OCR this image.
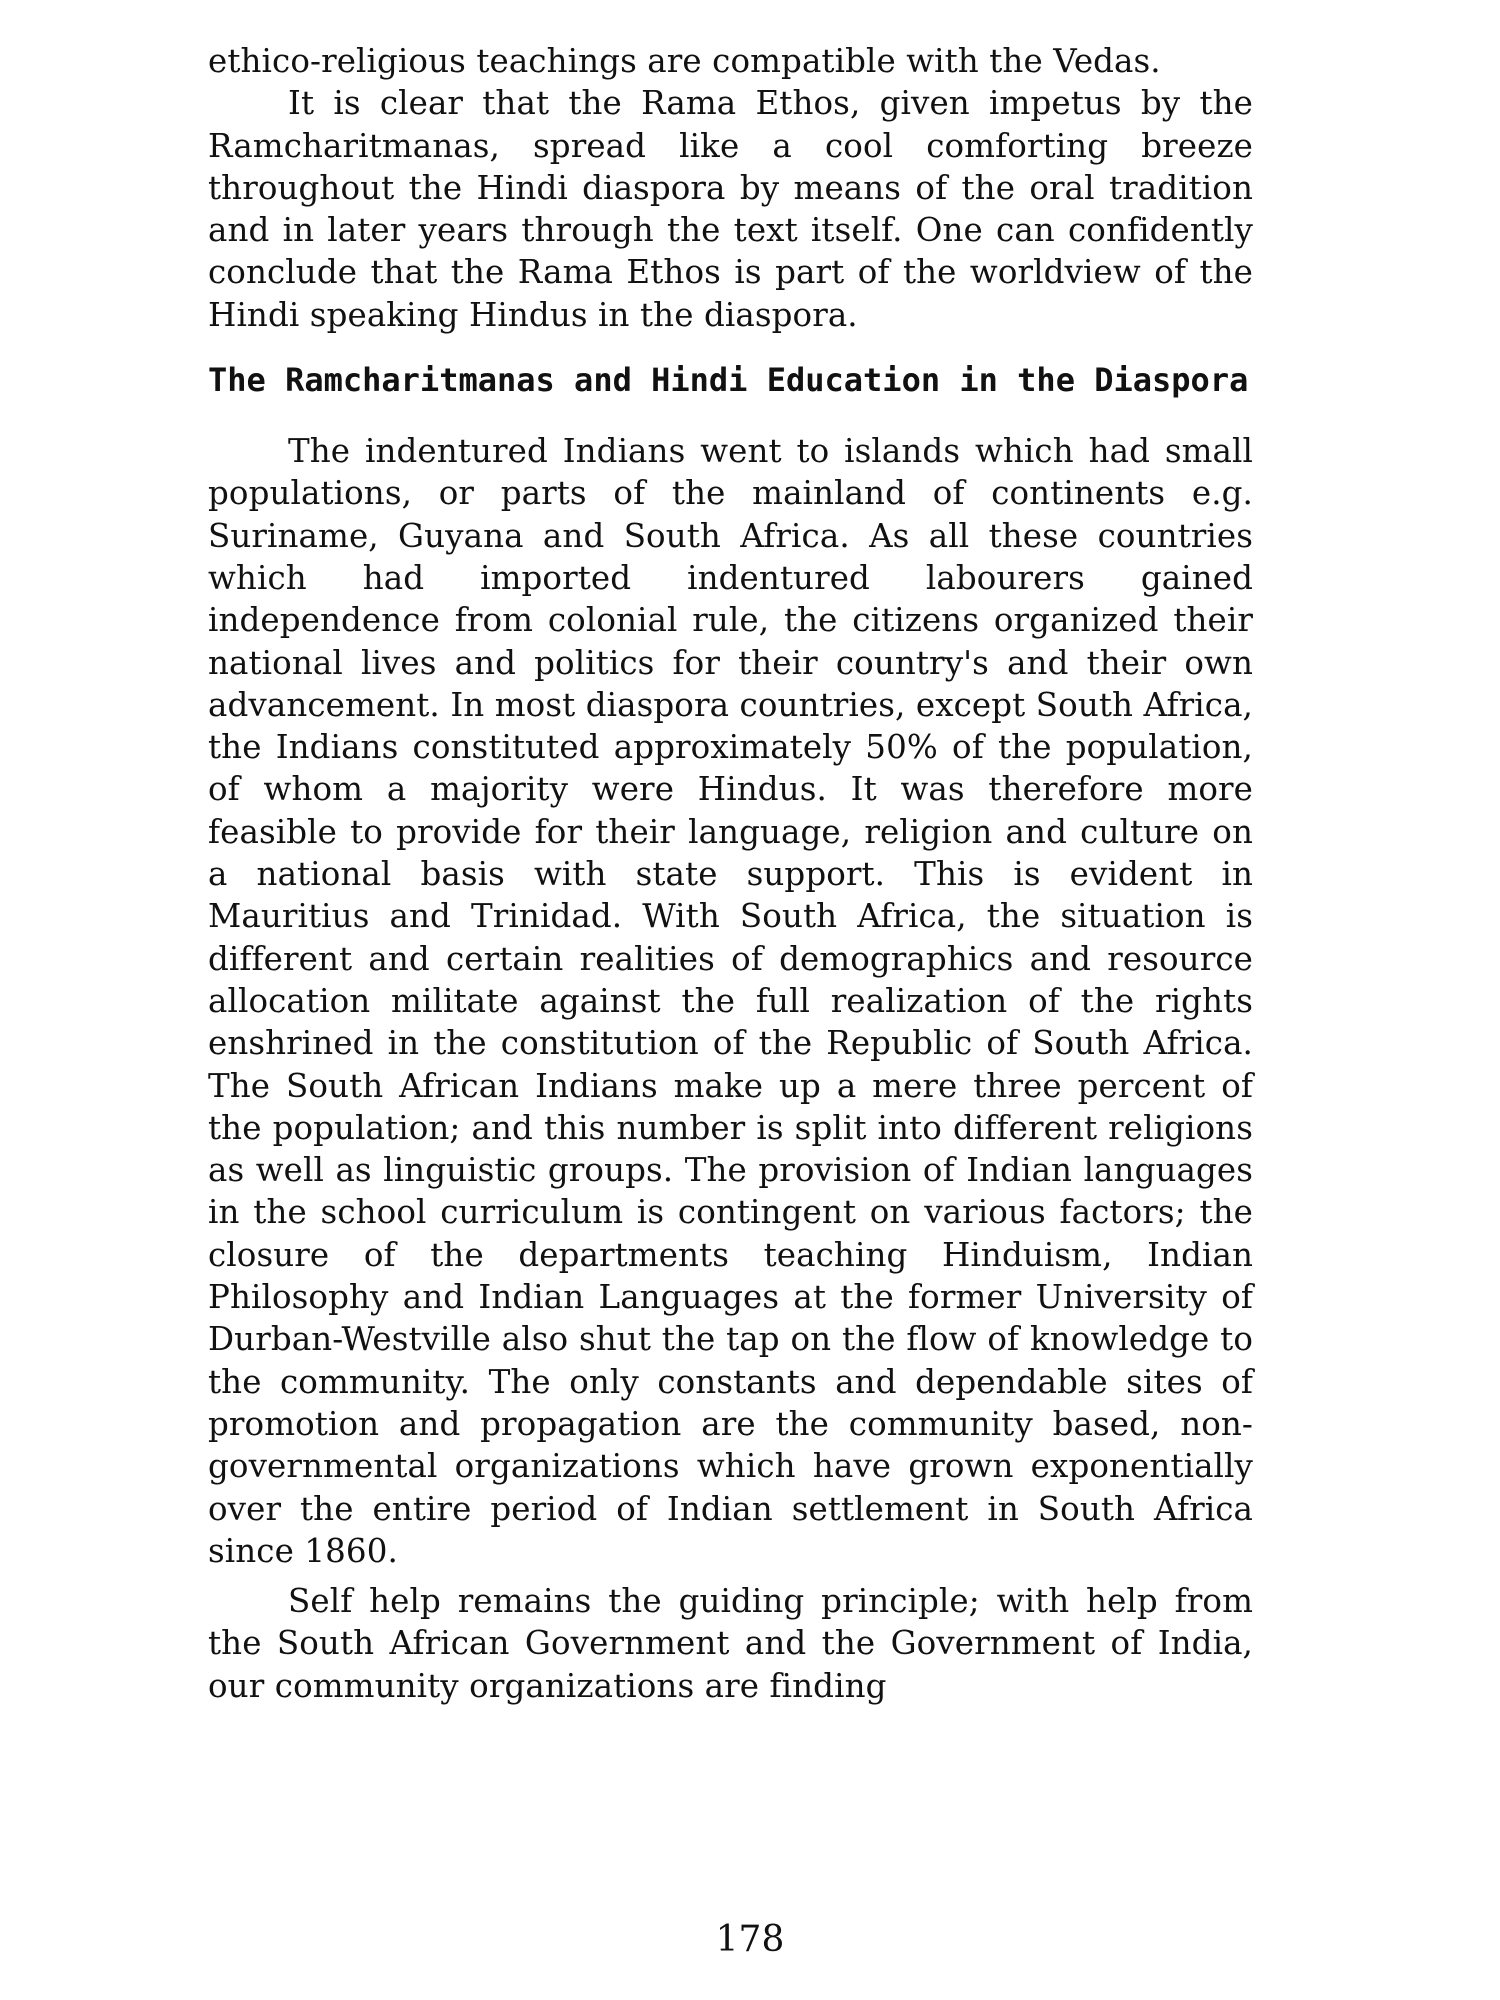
ethico-religious teachings are compatible with the Vedas.

It is clear that the Rama Ethos, given impetus by the Ramcharitmanas, spread like a cool comforting breeze throughout the Hindi diaspora by means of the oral tradition and in later years through the text itself. One can confidently conclude that the Rama Ethos is part of the worldview of the Hindi speaking Hindus in the diaspora.

The Ramcharitmanas and Hindi Education in the Diaspora

The indentured Indians went to islands which had small populations, or parts of the mainland of continents e.g. Suriname, Guyana and South Africa. As all these countries which had imported indentured labourers gained independence from colonial rule, the citizens organized their national lives and politics for their country's and their own advancement. In most diaspora countries, except South Africa, the Indians constituted approximately 50% of the population, of whom a majority were Hindus. It was therefore more feasible to provide for their language, religion and culture on a national basis with state support. This is evident in Mauritius and Trinidad. With South Africa, the situation is different and certain realities of demographics and resource allocation militate against the full realization of the rights enshrined in the constitution of the Republic of South Africa. The South African Indians make up a mere three percent of the population; and this number is split into different religions as well as linguistic groups. The provision of Indian languages in the school curriculum is contingent on various factors; the closure of the departments teaching Hinduism, Indian Philosophy and Indian Languages at the former University of Durban-Westville also shut the tap on the flow of knowledge to the community. The only constants and dependable sites of promotion and propagation are the community based, non-governmental organizations which have grown exponentially over the entire period of Indian settlement in South Africa since 1860.

Self help remains the guiding principle; with help from the South African Government and the Government of India, our community organizations are finding

178
